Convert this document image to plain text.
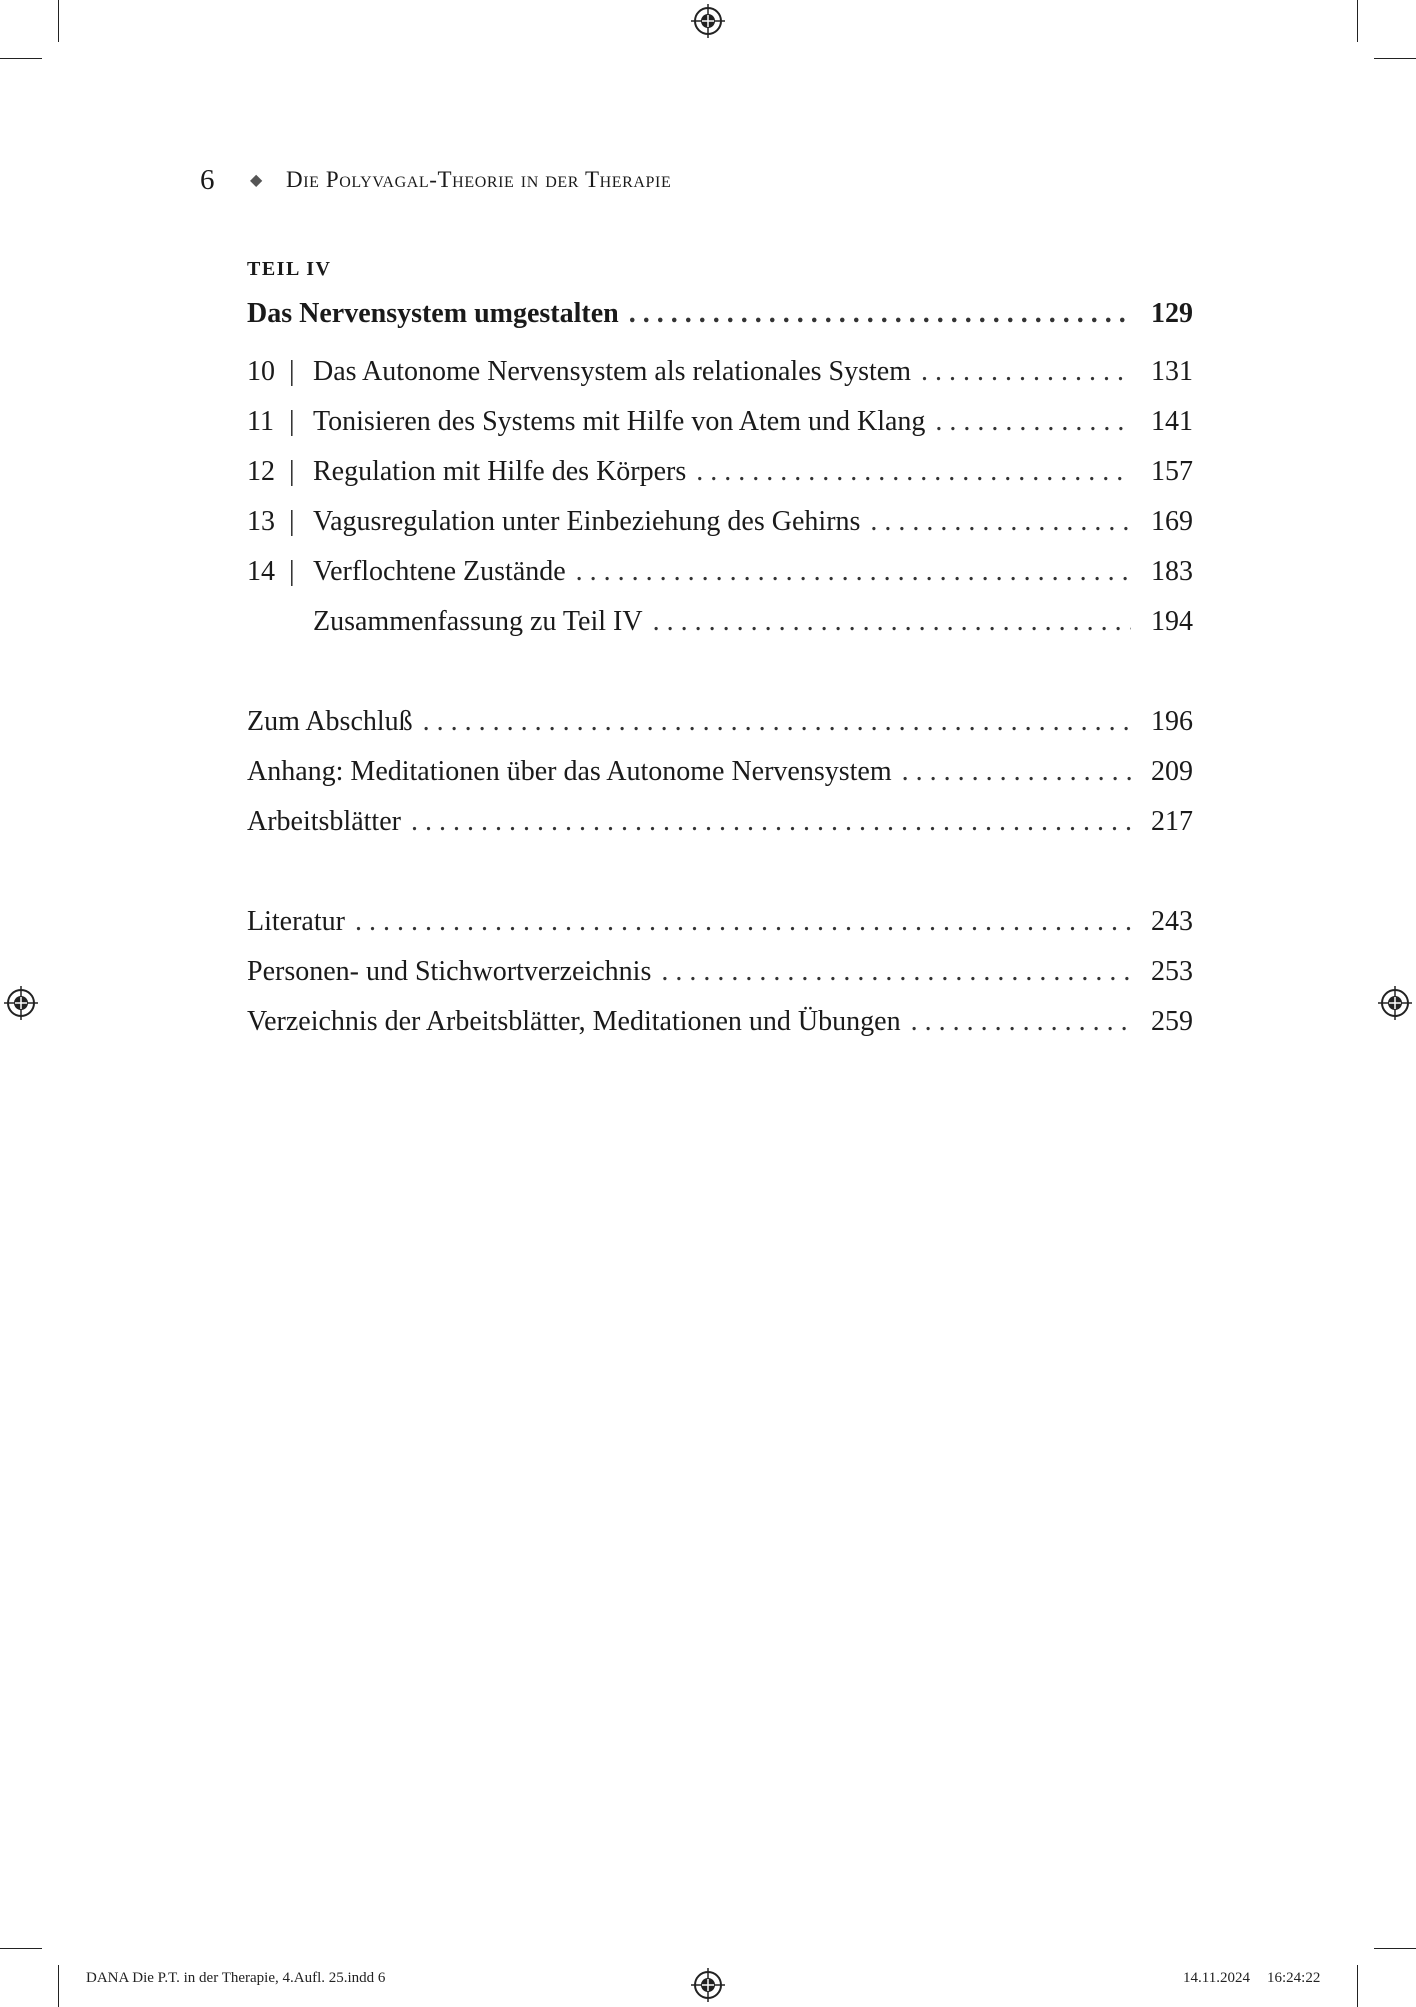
6	◆	Die Polyvagal-Theorie in der Therapie
TEIL IV
Das Nervensystem umgestalten . . .	129
10 | Das Autonome Nervensystem als relationales System . . .	131
11 | Tonisieren des Systems mit Hilfe von Atem und Klang . . .	141
12 | Regulation mit Hilfe des Körpers . . .	157
13 | Vagusregulation unter Einbeziehung des Gehirns . . .	169
14 | Verflochtene Zustände . . .	183
Zusammenfassung zu Teil IV . . .	194
Zum Abschluß . . .	196
Anhang: Meditationen über das Autonome Nervensystem . . .	209
Arbeitsblätter . . .	217
Literatur . . .	243
Personen- und Stichwortverzeichnis . . .	253
Verzeichnis der Arbeitsblätter, Meditationen und Übungen . . .	259
DANA Die P.T. in der Therapie, 4.Aufl. 25.indd 6	14.11.2024 16:24:22
